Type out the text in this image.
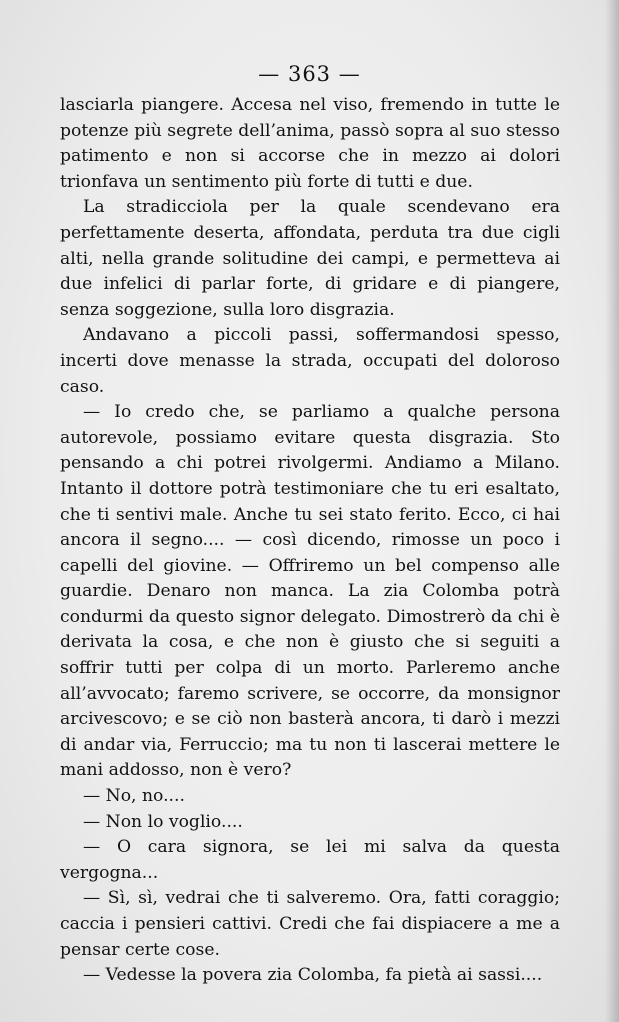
— 363 —

lasciarla piangere. Accesa nel viso, fremendo in tutte le potenze più segrete dell’anima, passò sopra al suo stesso patimento e non si accorse che in mezzo ai dolori trionfava un sentimento più forte di tutti e due.

La stradicciola per la quale scendevano era perfettamente deserta, affondata, perduta tra due cigli alti, nella grande solitudine dei campi, e permetteva ai due infelici di parlar forte, di gridare e di piangere, senza soggezione, sulla loro disgrazia.

Andavano a piccoli passi, soffermandosi spesso, incerti dove menasse la strada, occupati del doloroso caso.

— Io credo che, se parliamo a qualche persona autorevole, possiamo evitare questa disgrazia. Sto pensando a chi potrei rivolgermi. Andiamo a Milano. Intanto il dottore potrà testimoniare che tu eri esaltato, che ti sentivi male. Anche tu sei stato ferito. Ecco, ci hai ancora il segno.... — così dicendo, rimosse un poco i capelli del giovine. — Offriremo un bel compenso alle guardie. Denaro non manca. La zia Colomba potrà condurmi da questo signor delegato. Dimostrerò da chi è derivata la cosa, e che non è giusto che si seguiti a soffrir tutti per colpa di un morto. Parleremo anche all’avvocato; faremo scrivere, se occorre, da monsignor arcivescovo; e se ciò non basterà ancora, ti darò i mezzi di andar via, Ferruccio; ma tu non ti lascerai mettere le mani addosso, non è vero?

— No, no....

— Non lo voglio....

— O cara signora, se lei mi salva da questa vergogna...

— Sì, sì, vedrai che ti salveremo. Ora, fatti coraggio; caccia i pensieri cattivi. Credi che fai dispiacere a me a pensar certe cose.

— Vedesse la povera zia Colomba, fa pietà ai sassi....
